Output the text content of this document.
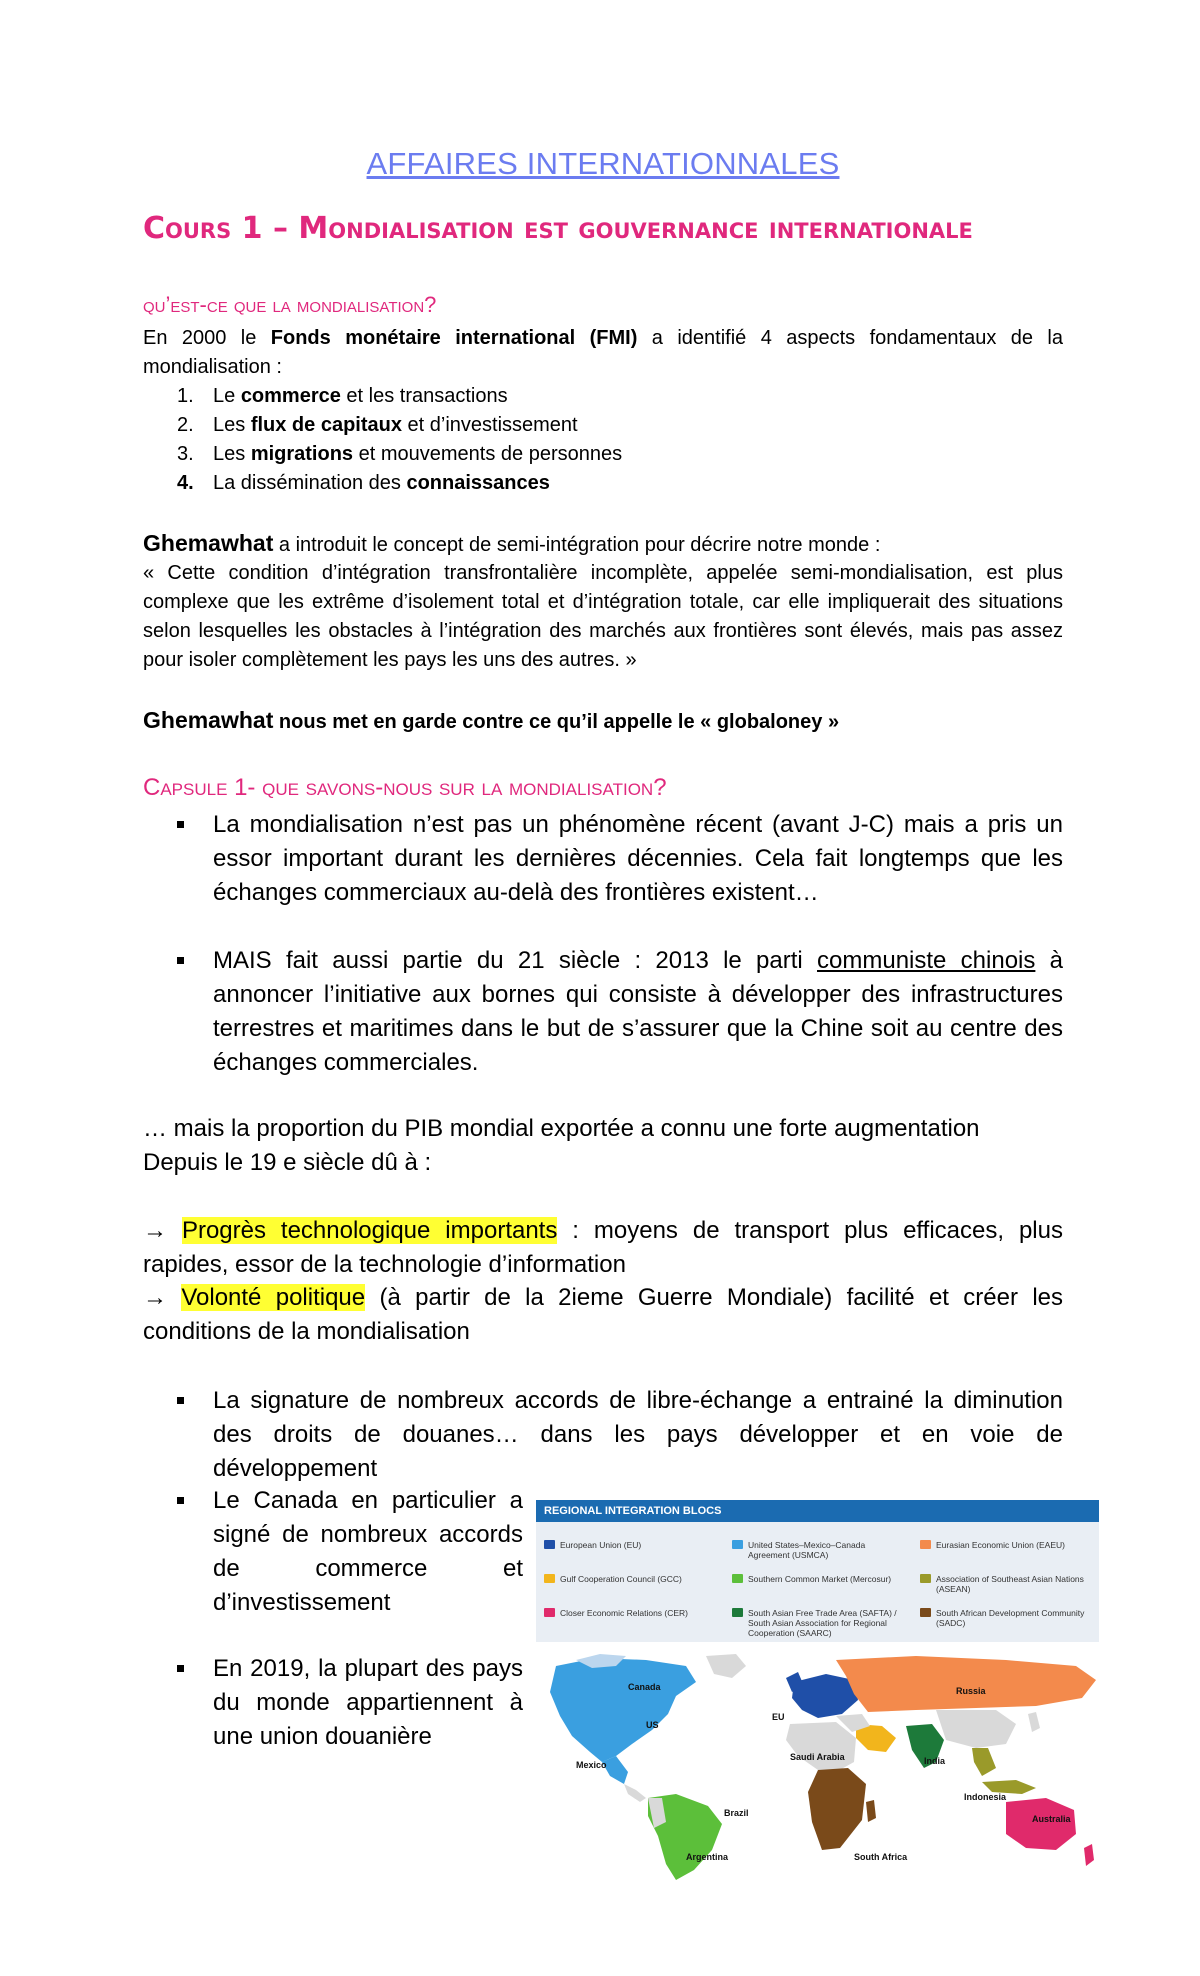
AFFAIRES INTERNATIONNALES
Cours 1 – Mondialisation est gouvernance internationale
qu’est-ce que la mondialisation?

En 2000 le Fonds monétaire international (FMI) a identifié 4 aspects fondamentaux de la mondialisation :

1. Le commerce et les transactions
2. Les flux de capitaux et d’investissement
3. Les migrations et mouvements de personnes
4. La dissémination des connaissances

Ghemawhat a introduit le concept de semi-intégration pour décrire notre monde :

« Cette condition d’intégration transfrontalière incomplète, appelée semi-mondialisation, est plus complexe que les extrême d’isolement total et d’intégration totale, car elle impliquerait des situations selon lesquelles les obstacles à l’intégration des marchés aux frontières sont élevés, mais pas assez pour isoler complètement les pays les uns des autres. »

Ghemawhat nous met en garde contre ce qu’il appelle le « globaloney »

Capsule 1- que savons-nous sur la mondialisation?

La mondialisation n’est pas un phénomène récent (avant J-C) mais a pris un essor important durant les dernières décennies. Cela fait longtemps que les échanges commerciaux au-delà des frontières existent…

MAIS fait aussi partie du 21 siècle : 2013 le parti communiste chinois à annoncer l’initiative aux bornes qui consiste à développer des infrastructures terrestres et maritimes dans le but de s’assurer que la Chine soit au centre des échanges commerciales.

… mais la proportion du PIB mondial exportée a connu une forte augmentation
Depuis le 19 e siècle dû à :

→ Progrès technologique importants : moyens de transport plus efficaces, plus rapides, essor de la technologie d’information

→ Volonté politique (à partir de la 2ieme Guerre Mondiale) facilité et créer les conditions de la mondialisation

La signature de nombreux accords de libre-échange a entrainé la diminution des droits de douanes… dans les pays développer et en voie de développement

Le Canada en particulier a signé de nombreux accords de commerce et d’investissement

En 2019, la plupart des pays du monde appartiennent à une union douanière

REGIONAL INTEGRATION BLOCS
European Union (EU)	United States–Mexico–Canada Agreement (USMCA)
Eurasian Economic Union (EAEU)
Gulf Cooperation Council (GCC)	Southern Common Market (Mercosur)	Association of Southeast Asian Nations (ASEAN)
Closer Economic Relations (CER)	South Asian Free Trade Area (SAFTA) / South Asian Association for Regional Cooperation (SAARC)
South African Development Community (SADC)
Canada	Russia
EU
US
Mexico
Saudi Arabia	India
Indonesia
Brazil
Australia
South Africa
Argentina
